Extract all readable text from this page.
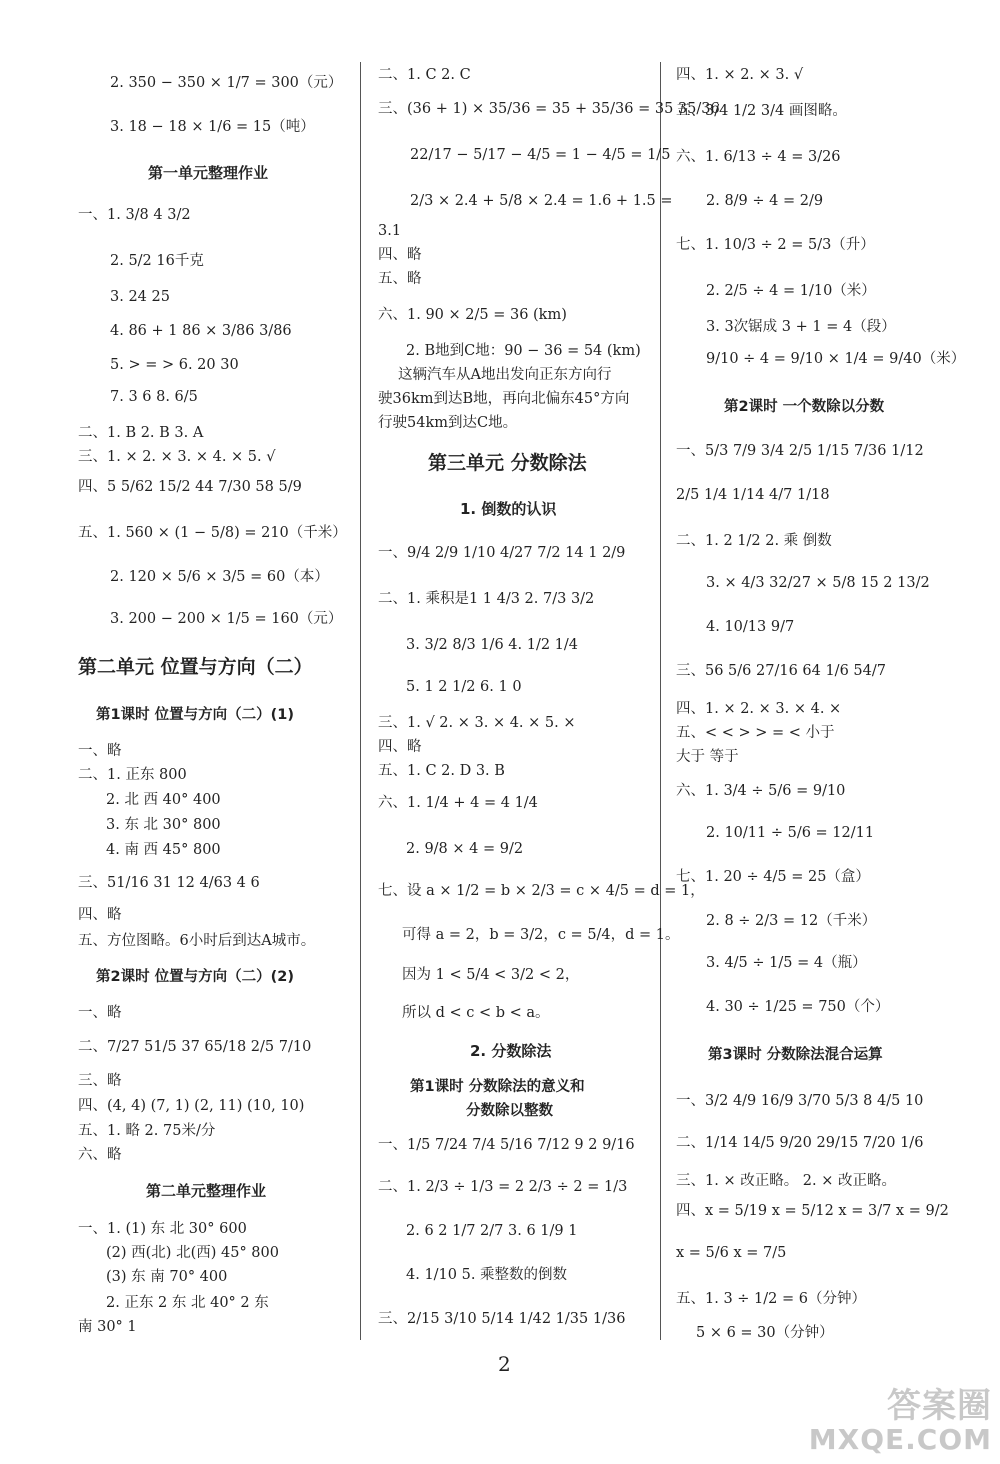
2. 350 − 350 × 1/7 = 300（元）
3. 18 − 18 × 1/6 = 15（吨）
第一单元整理作业
一、1. 3/8 4 3/2
2. 5/2 16千克
3. 24 25
4. 86 + 1 86 × 3/86 3/86
5. > = > 6. 20 30
7. 3 6 8. 6/5
二、1. B 2. B 3. A
三、1. × 2. × 3. × 4. × 5. √
四、5 5/62 15/2 44 7/30 58 5/9
五、1. 560 × (1 − 5/8) = 210（千米）
2. 120 × 5/6 × 3/5 = 60（本）
3. 200 − 200 × 1/5 = 160（元）
第二单元 位置与方向（二）
第1课时 位置与方向（二）(1)
一、略
二、1. 正东 800
2. 北 西 40° 400
3. 东 北 30° 800
4. 南 西 45° 800
三、51/16 31 12 4/63 4 6
四、略
五、方位图略。6小时后到达A城市。
第2课时 位置与方向（二）(2)
一、略
二、7/27 51/5 37 65/18 2/5 7/10
三、略
四、(4, 4) (7, 1) (2, 11) (10, 10)
五、1. 略 2. 75米/分
六、略
第二单元整理作业
一、1. (1) 东 北 30° 600
(2) 西(北) 北(西) 45° 800
(3) 东 南 70° 400
2. 正东 2 东 北 40° 2 东
南 30° 1
二、1. C 2. C
三、(36 + 1) × 35/36 = 35 + 35/36 = 35 35/36
22/17 − 5/17 − 4/5 = 1 − 4/5 = 1/5
2/3 × 2.4 + 5/8 × 2.4 = 1.6 + 1.5 =
3.1
四、略
五、略
六、1. 90 × 2/5 = 36 (km)
2. B地到C地：90 − 36 = 54 (km)
这辆汽车从A地出发向正东方向行
驶36km到达B地，再向北偏东45°方向
行驶54km到达C地。
第三单元 分数除法
1. 倒数的认识
一、9/4 2/9 1/10 4/27 7/2 14 1 2/9
二、1. 乘积是1 1 4/3 2. 7/3 3/2
3. 3/2 8/3 1/6 4. 1/2 1/4
5. 1 2 1/2 6. 1 0
三、1. √ 2. × 3. × 4. × 5. ×
四、略
五、1. C 2. D 3. B
六、1. 1/4 + 4 = 4 1/4
2. 9/8 × 4 = 9/2
七、设 a × 1/2 = b × 2/3 = c × 4/5 = d = 1，
可得 a = 2，b = 3/2，c = 5/4，d = 1。
因为 1 < 5/4 < 3/2 < 2，
所以 d < c < b < a。
2. 分数除法
第1课时 分数除法的意义和
分数除以整数
一、1/5 7/24 7/4 5/16 7/12 9 2 9/16
二、1. 2/3 ÷ 1/3 = 2 2/3 ÷ 2 = 1/3
2. 6 2 1/7 2/7 3. 6 1/9 1
4. 1/10 5. 乘整数的倒数
三、2/15 3/10 5/14 1/42 1/35 1/36
四、1. × 2. × 3. √
五、3/4 1/2 3/4 画图略。
六、1. 6/13 ÷ 4 = 3/26
2. 8/9 ÷ 4 = 2/9
七、1. 10/3 ÷ 2 = 5/3（升）
2. 2/5 ÷ 4 = 1/10（米）
3. 3次锯成 3 + 1 = 4（段）
9/10 ÷ 4 = 9/10 × 1/4 = 9/40（米）
第2课时 一个数除以分数
一、5/3 7/9 3/4 2/5 1/15 7/36 1/12
2/5 1/4 1/14 4/7 1/18
二、1. 2 1/2 2. 乘 倒数
3. × 4/3 32/27 × 5/8 15 2 13/2
4. 10/13 9/7
三、56 5/6 27/16 64 1/6 54/7
四、1. × 2. × 3. × 4. ×
五、< < > > = < 小于
大于 等于
六、1. 3/4 ÷ 5/6 = 9/10
2. 10/11 ÷ 5/6 = 12/11
七、1. 20 ÷ 4/5 = 25（盒）
2. 8 ÷ 2/3 = 12（千米）
3. 4/5 ÷ 1/5 = 4（瓶）
4. 30 ÷ 1/25 = 750（个）
第3课时 分数除法混合运算
一、3/2 4/9 16/9 3/70 5/3 8 4/5 10
二、1/14 14/5 9/20 29/15 7/20 1/6
三、1. × 改正略。 2. × 改正略。
四、x = 5/19 x = 5/12 x = 3/7 x = 9/2
x = 5/6 x = 7/5
五、1. 3 ÷ 1/2 = 6（分钟）
5 × 6 = 30（分钟）
2
答案圈
MXQE.COM
